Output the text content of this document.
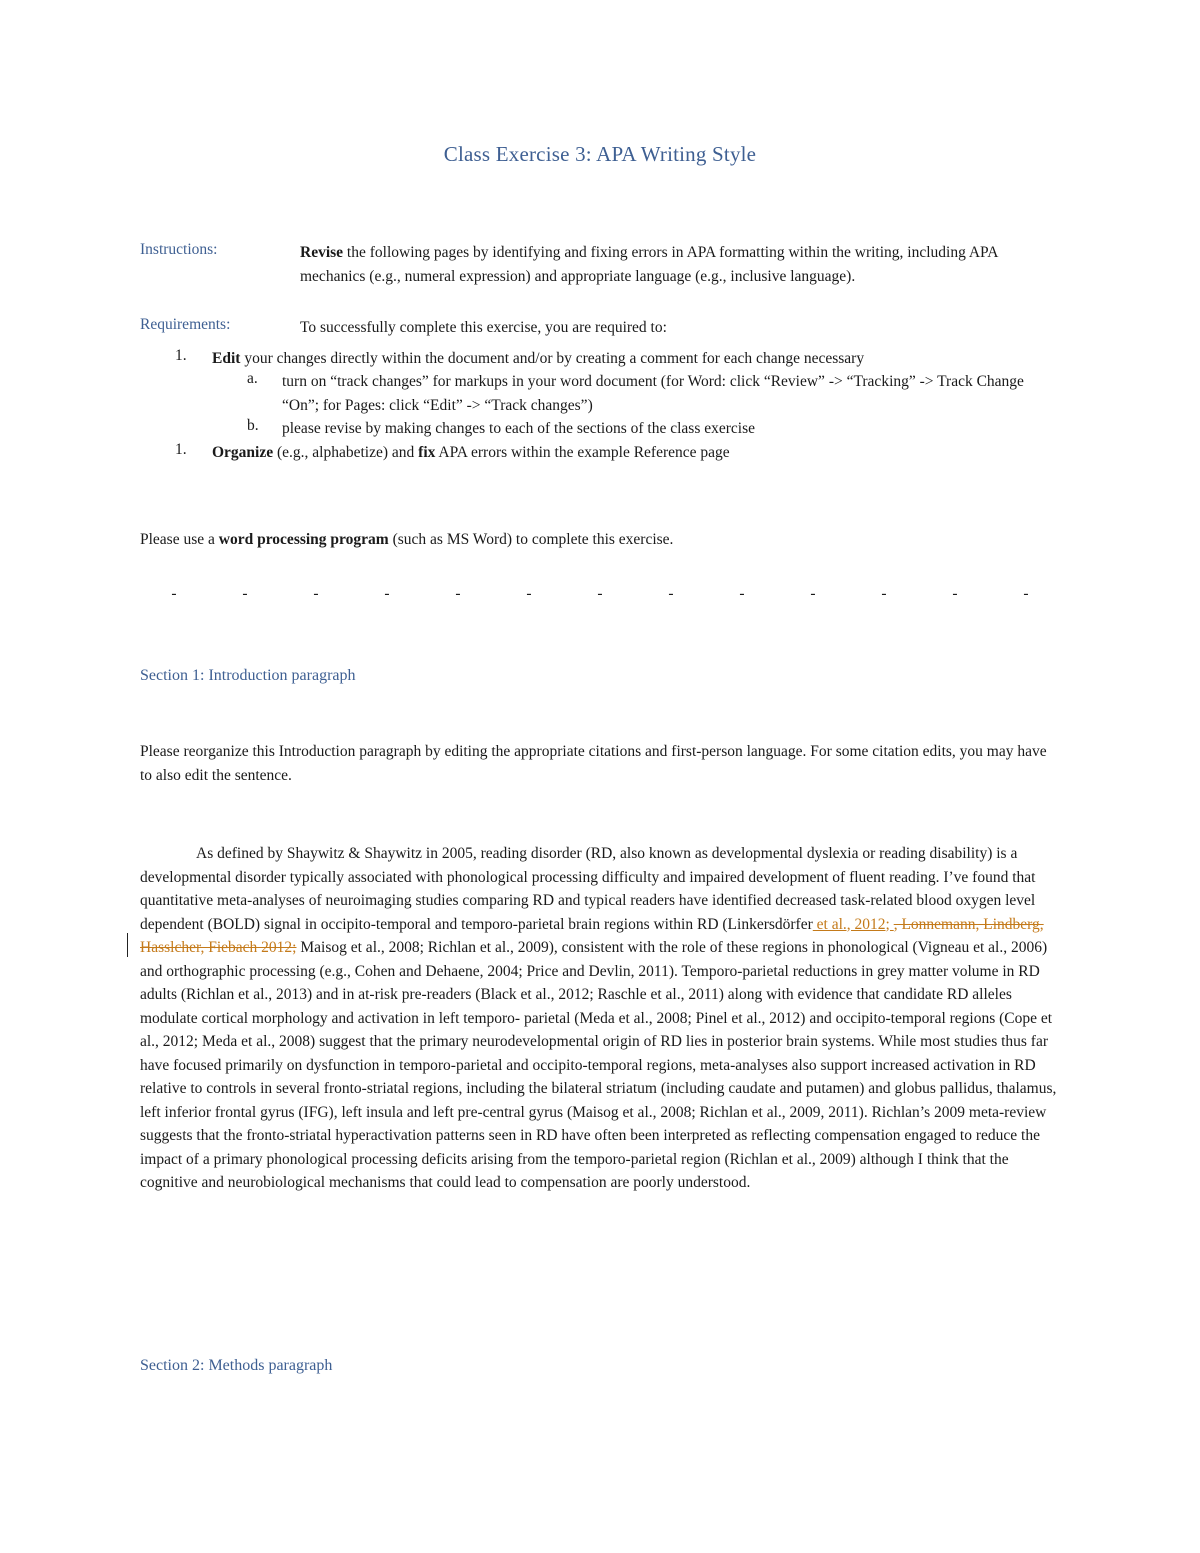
Class Exercise 3: APA Writing Style
Instructions:	Revise the following pages by identifying and fixing errors in APA formatting within the writing, including APA mechanics (e.g., numeral expression) and appropriate language (e.g., inclusive language).
Requirements:	To successfully complete this exercise, you are required to:
1. Edit your changes directly within the document and/or by creating a comment for each change necessary
a. turn on “track changes” for markups in your word document (for Word: click “Review” -> “Tracking” -> Track Change “On”; for Pages: click “Edit” -> “Track changes”)
b. please revise by making changes to each of the sections of the class exercise
1. Organize (e.g., alphabetize) and fix APA errors within the example Reference page
Please use a word processing program (such as MS Word) to complete this exercise.
-	-	-	-	-	-	-	-	-	-	-	-	-
Section 1: Introduction paragraph
Please reorganize this Introduction paragraph by editing the appropriate citations and first-person language. For some citation edits, you may have to also edit the sentence.
As defined by Shaywitz & Shaywitz in 2005, reading disorder (RD, also known as developmental dyslexia or reading disability) is a developmental disorder typically associated with phonological processing difficulty and impaired development of fluent reading. I’ve found that quantitative meta-analyses of neuroimaging studies comparing RD and typical readers have identified decreased task-related blood oxygen level dependent (BOLD) signal in occipito-temporal and temporo-parietal brain regions within RD (Linkersdörfer et al., 2012; , Lonnemann, Lindberg, Hasslcher, Fiebach 2012; Maisog et al., 2008; Richlan et al., 2009), consistent with the role of these regions in phonological (Vigneau et al., 2006) and orthographic processing (e.g., Cohen and Dehaene, 2004; Price and Devlin, 2011). Temporo-parietal reductions in grey matter volume in RD adults (Richlan et al., 2013) and in at-risk pre-readers (Black et al., 2012; Raschle et al., 2011) along with evidence that candidate RD alleles modulate cortical morphology and activation in left temporo- parietal (Meda et al., 2008; Pinel et al., 2012) and occipito-temporal regions (Cope et al., 2012; Meda et al., 2008) suggest that the primary neurodevelopmental origin of RD lies in posterior brain systems. While most studies thus far have focused primarily on dysfunction in temporo-parietal and occipito-temporal regions, meta-analyses also support increased activation in RD relative to controls in several fronto-striatal regions, including the bilateral striatum (including caudate and putamen) and globus pallidus, thalamus, left inferior frontal gyrus (IFG), left insula and left pre-central gyrus (Maisog et al., 2008; Richlan et al., 2009, 2011). Richlan’s 2009 meta-review suggests that the fronto-striatal hyperactivation patterns seen in RD have often been interpreted as reflecting compensation engaged to reduce the impact of a primary phonological processing deficits arising from the temporo-parietal region (Richlan et al., 2009) although I think that the cognitive and neurobiological mechanisms that could lead to compensation are poorly understood.
Section 2: Methods paragraph
